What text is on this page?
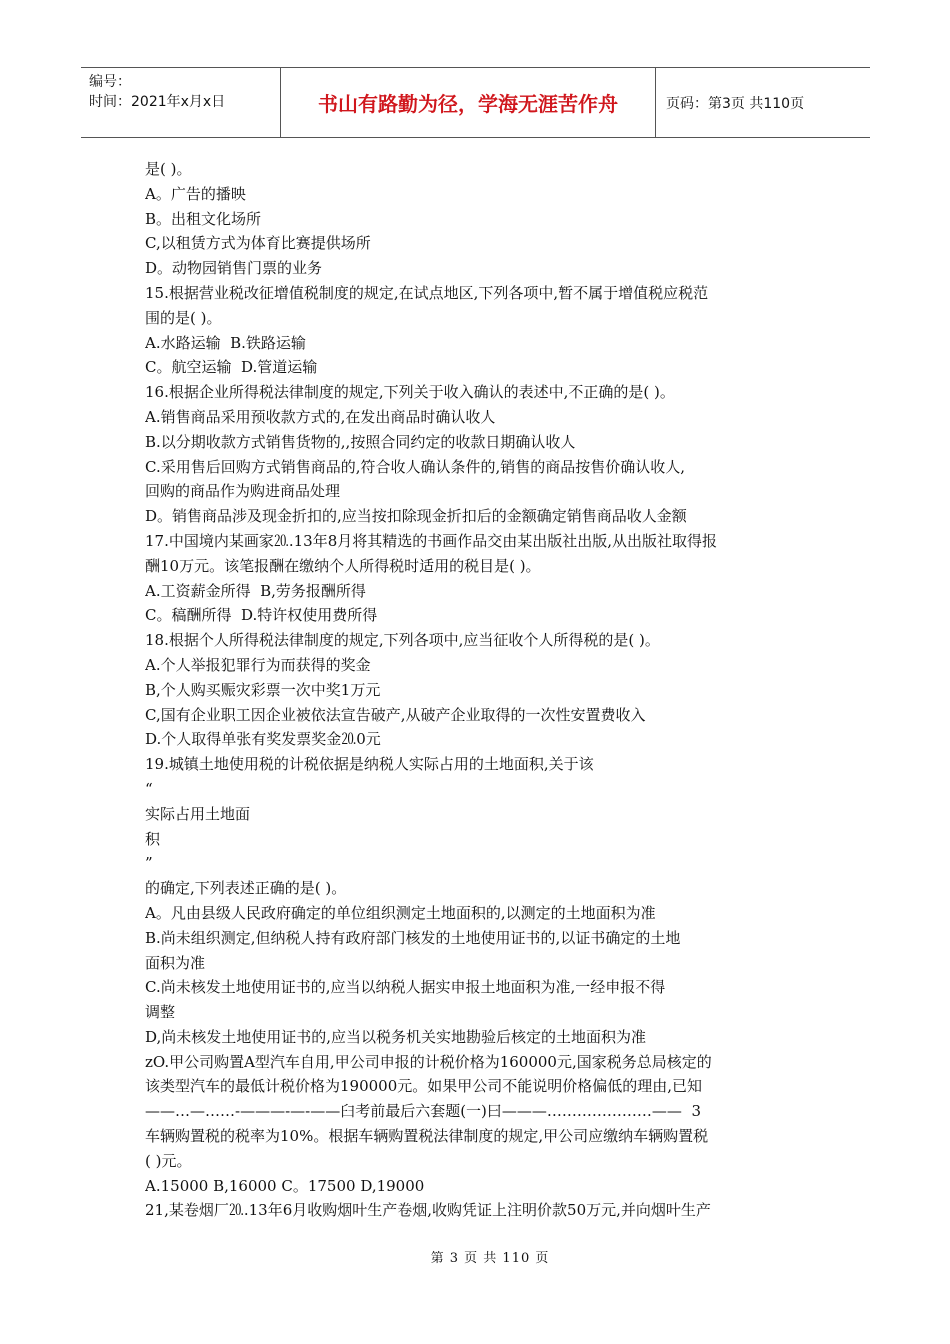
编号：
时间：2021年x月x日	书山有路勤为径，学海无涯苦作舟	页码：第3页 共110页
是( )。
A。广告的播映
B。出租文化场所
C,以租赁方式为体育比赛提供场所
D。动物园销售门票的业务
15.根据营业税改征增值税制度的规定,在试点地区,下列各项中,暂不属于增值税应税范
围的是( )。
A.水路运输  B.铁路运输
C。航空运输  D.管道运输
16.根据企业所得税法律制度的规定,下列关于收入确认的表述中,不正确的是( )。
A.销售商品采用预收款方式的,在发出商品时确认收人
B.以分期收款方式销售货物的,,按照合同约定的收款日期确认收人
C.采用售后回购方式销售商品的,符合收人确认条件的,销售的商品按售价确认收人,
回购的商品作为购进商品处理
D。销售商品涉及现金折扣的,应当按扣除现金折扣后的金额确定销售商品收人金额
17.中国境内某画家⒛.13年8月将其精选的书画作品交由某出版社出版,从出版社取得报
酬10万元。该笔报酬在缴纳个人所得税时适用的税目是( )。
A.工资薪金所得  B,劳务报酬所得
C。稿酬所得  D.特许权使用费所得
18.根据个人所得税法律制度的规定,下列各项中,应当征收个人所得税的是( )。
A.个人举报犯罪行为而获得的奖金
B,个人购买赈灾彩票一次中奖1万元
C,国有企业职工因企业被依法宣告破产,从破产企业取得的一次性安置费收入
D.个人取得单张有奖发票奖金⒛0元
19.城镇土地使用税的计税依据是纳税人实际占用的土地面积,关于该
“
实际占用土地面
积
”
的确定,下列表述正确的是( )。
A。凡由县级人民政府确定的单位组织测定土地面积的,以测定的土地面积为准
B.尚未组织测定,但纳税人持有政府部门核发的土地使用证书的,以证书确定的土地
面积为准
C.尚未核发土地使用证书的,应当以纳税人据实申报土地面积为准,一经申报不得
调整
D,尚未核发土地使用证书的,应当以税务机关实地勘验后核定的土地面积为准
zO.甲公司购置A型汽车自用,甲公司申报的计税价格为160000元,国家税务总局核定的
该类型汽车的最低计税价格为190000元。如果甲公司不能说明价格偏低的理由,已知
——…—……-———-—-——臼考前最后六套题(一)曰———…………………——  3
车辆购置税的税率为10%。根据车辆购置税法律制度的规定,甲公司应缴纳车辆购置税
( )元。
A.15000 B,16000 C。17500 D,19000
21,某卷烟厂⒛.13年6月收购烟叶生产卷烟,收购凭证上注明价款50万元,并向烟叶生产
第 3 页 共 110 页
